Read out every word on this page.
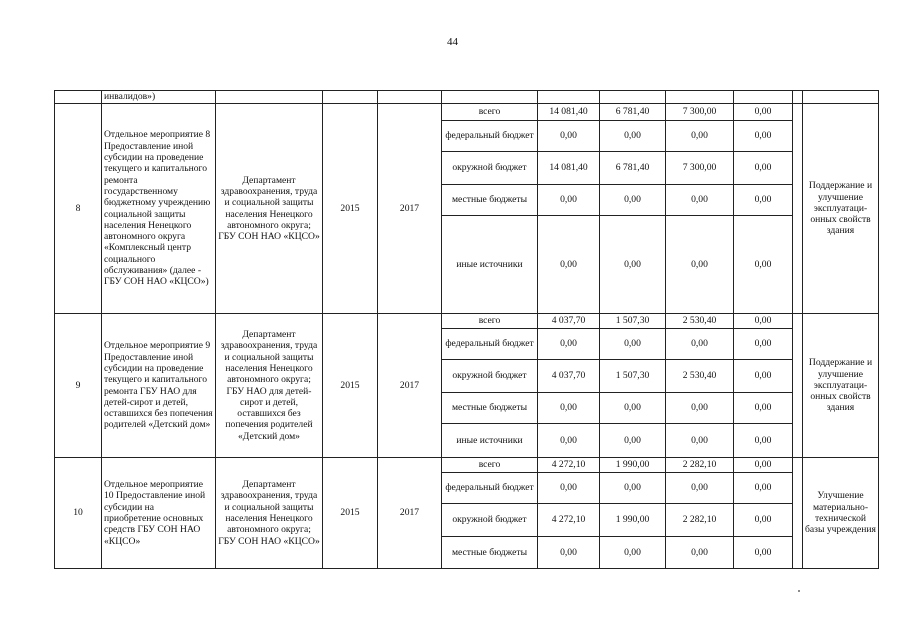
44
	инвалидов»)										
8	Отдельное мероприятие 8 Предоставление иной субсидии на проведение текущего и капитального ремонта государственному бюджетному учреждению социальной защиты населения Ненецкого автономного округа «Комплексный центр социального обслуживания» (далее - ГБУ СОН НАО «КЦСО»)	Департамент здравоохранения, труда и социальной защиты населения Ненецкого автономного округа; ГБУ СОН НАО «КЦСО»	2015	2017	всего	14 081,40	6 781,40	7 300,00	0,00		Поддержание и улучшение эксплуатаци-онных свойств здания
					федеральный бюджет	0,00	0,00	0,00	0,00		
					окружной бюджет	14 081,40	6 781,40	7 300,00	0,00		
					местные бюджеты	0,00	0,00	0,00	0,00		
					иные источники	0,00	0,00	0,00	0,00		
9	Отдельное мероприятие 9 Предоставление иной субсидии на проведение текущего и капитального ремонта ГБУ НАО для детей-сирот и детей, оставшихся без попечения родителей «Детский дом»	Департамент здравоохранения, труда и социальной защиты населения Ненецкого автономного округа; ГБУ НАО для детей-сирот и детей, оставшихся без попечения родителей «Детский дом»	2015	2017	всего	4 037,70	1 507,30	2 530,40	0,00		Поддержание и улучшение эксплуатаци-онных свойств здания
					федеральный бюджет	0,00	0,00	0,00	0,00		
					окружной бюджет	4 037,70	1 507,30	2 530,40	0,00		
					местные бюджеты	0,00	0,00	0,00	0,00		
					иные источники	0,00	0,00	0,00	0,00		
10	Отдельное мероприятие 10 Предоставление иной субсидии на приобретение основных средств ГБУ СОН НАО «КЦСО»	Департамент здравоохранения, труда и социальной защиты населения Ненецкого автономного округа; ГБУ СОН НАО «КЦСО»	2015	2017	всего	4 272,10	1 990,00	2 282,10	0,00		Улучшение материально-технической базы учреждения
					федеральный бюджет	0,00	0,00	0,00	0,00		
					окружной бюджет	4 272,10	1 990,00	2 282,10	0,00		
					местные бюджеты	0,00	0,00	0,00	0,00		
